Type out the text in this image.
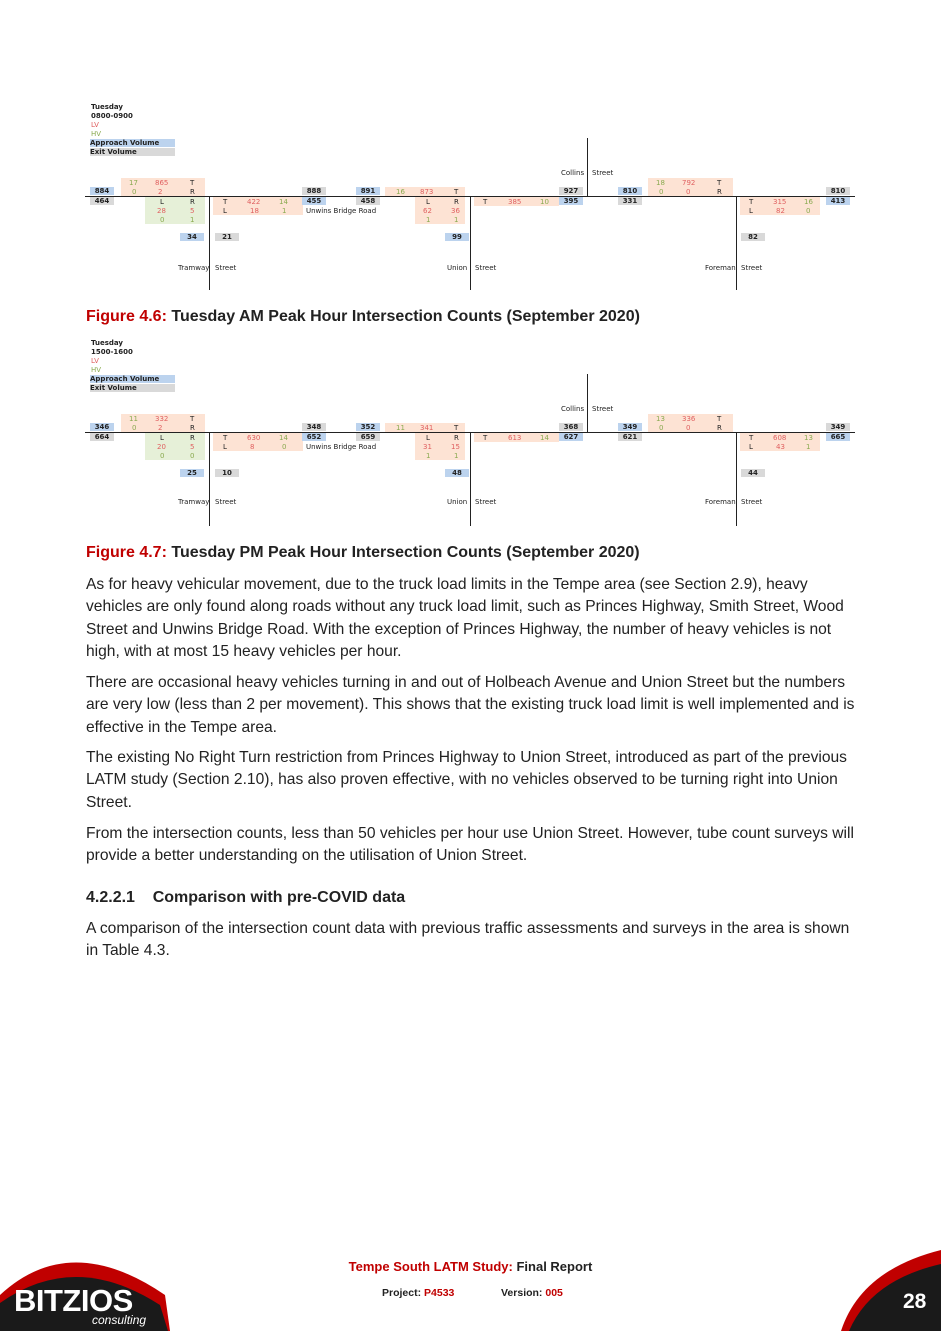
Tuesday
0800-0900
LV
HV
Approach Volume
Exit Volume
Collins Street
Tramway Street	Union Street	Foreman Street
Unwins Bridge Road
884
464
17 865	T
0	2	R
L	R
28	5
0	1
T
L
422	14
18	1
888
455
891
458
16 873	T
L	R
62	36
1	1
T	385	10
927
395
810
331
18 792	T
0	0	R
T
L
315	16
82	0
810
413
34	21	99	82
Figure 4.6: Tuesday AM Peak Hour Intersection Counts (September 2020)
Tuesday
1500-1600
LV
HV
Approach Volume
Exit Volume
Collins Street
Tramway Street	Union Street	Foreman Street
Unwins Bridge Road
346
664
11 332	T
0	2	R
L	R
20	5
0	0
T
L
630	14
8	0
348
652
352
659
11 341	T
L	R
31	15
1	1
T	613	14
368
627
349
621
13 336	T
0	0	R
T
L
608	13
43	1
349
665
25	10	48	44
Figure 4.7: Tuesday PM Peak Hour Intersection Counts (September 2020)
As for heavy vehicular movement, due to the truck load limits in the Tempe area (see Section 2.9), heavy vehicles are only found along roads without any truck load limit, such as Princes Highway, Smith Street, Wood Street and Unwins Bridge Road. With the exception of Princes Highway, the number of heavy vehicles is not high, with at most 15 heavy vehicles per hour.
There are occasional heavy vehicles turning in and out of Holbeach Avenue and Union Street but the numbers are very low (less than 2 per movement). This shows that the existing truck load limit is well implemented and is effective in the Tempe area.
The existing No Right Turn restriction from Princes Highway to Union Street, introduced as part of the previous LATM study (Section 2.10), has also proven effective, with no vehicles observed to be turning right into Union Street.
From the intersection counts, less than 50 vehicles per hour use Union Street. However, tube count surveys will provide a better understanding on the utilisation of Union Street.
4.2.2.1 Comparison with pre-COVID data
A comparison of the intersection count data with previous traffic assessments and surveys in the area is shown in Table 4.3.
BITZIOS
consulting
Tempe South LATM Study: Final Report
Project: P4533	Version: 005	28
